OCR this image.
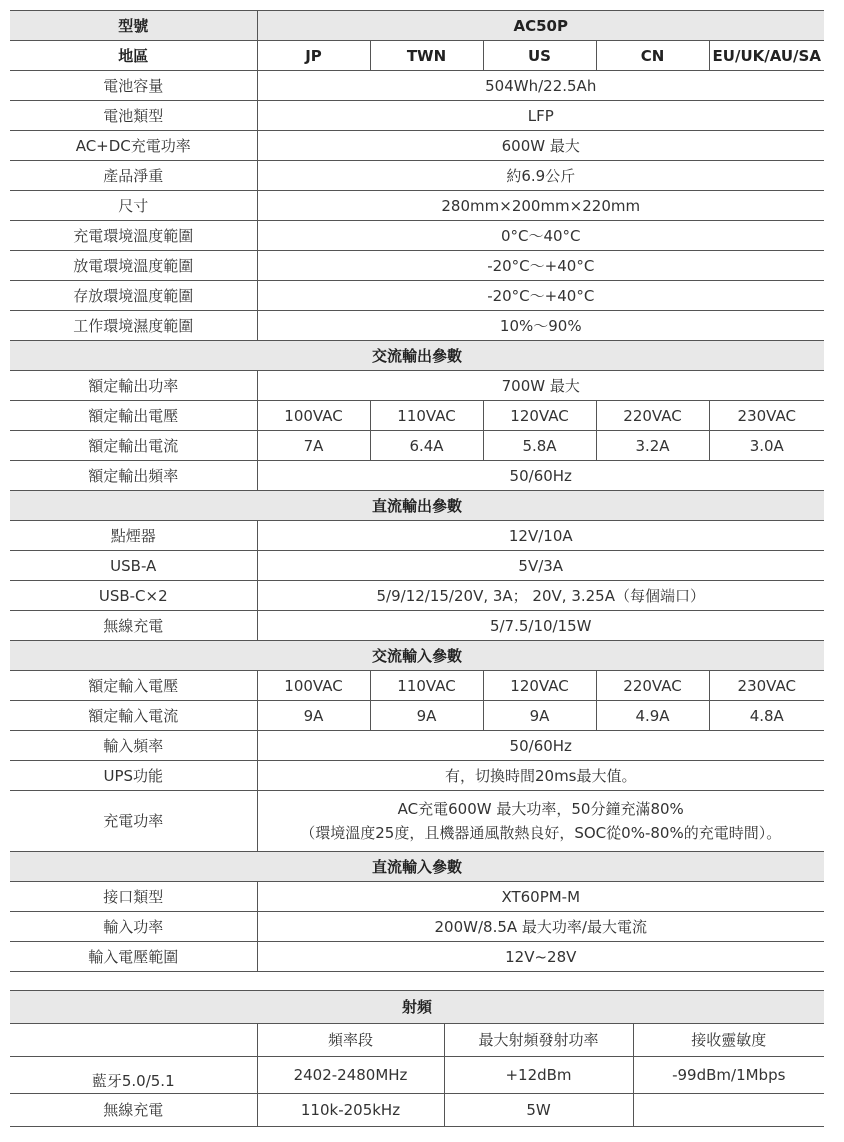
型號	AC50P				
地區	JP	TWN	US	CN	EU/UK/AU/SA
電池容量	504Wh/22.5Ah				
電池類型	LFP				
AC+DC充電功率	600W 最大				
產品淨重	約6.9公斤				
尺寸	280mm×200mm×220mm				
充電環境溫度範圍	0°C～40°C				
放電環境溫度範圍	-20°C～+40°C				
存放環境溫度範圍	-20°C～+40°C				
工作環境濕度範圍	10%～90%				
交流輸出參數					
額定輸出功率	700W 最大				
額定輸出電壓	100VAC	110VAC	120VAC	220VAC	230VAC
額定輸出電流	7A	6.4A	5.8A	3.2A	3.0A
額定輸出頻率	50/60Hz				
直流輸出參數					
點煙器	12V/10A				
USB-A	5V/3A				
USB-C×2	5/9/12/15/20V, 3A； 20V, 3.25A（每個端口）				
無線充電	5/7.5/10/15W				
交流輸入參數					
額定輸入電壓	100VAC	110VAC	120VAC	220VAC	230VAC
額定輸入電流	9A	9A	9A	4.9A	4.8A
輸入頻率	50/60Hz				
UPS功能	有，切換時間20ms最大值。				
充電功率	AC充電600W 最大功率，50分鐘充滿80%
（環境溫度25度，且機器通風散熱良好，SOC從0%-80%的充電時間）。				

直流輸入參數					
接口類型	XT60PM-M				
輸入功率	200W/8.5A 最大功率/最大電流				
輸入電壓範圍	12V~28V				
射頻			
	頻率段	最大射頻發射功率	接收靈敏度
藍牙5.0/5.1	2402-2480MHz	+12dBm	-99dBm/1Mbps
無線充電	110k-205kHz	5W	
